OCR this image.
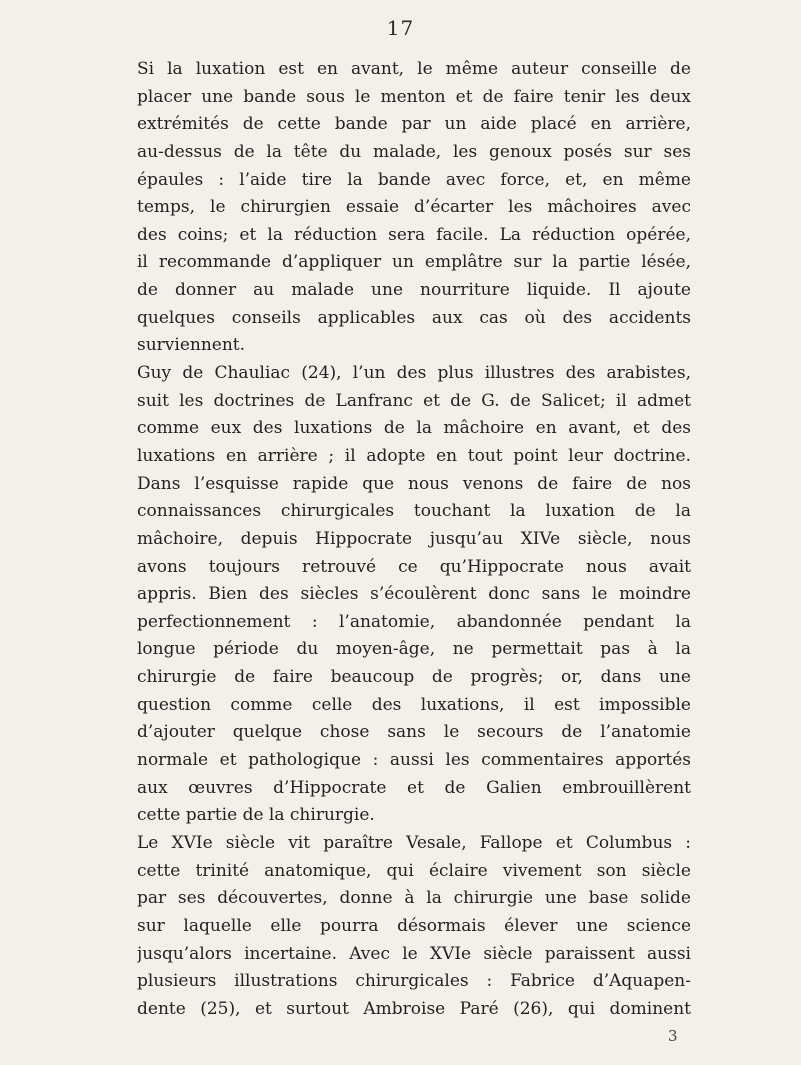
17
Si la luxation est en avant, le même auteur conseille de
placer une bande sous le menton et de faire tenir les deux
extrémités de cette bande par un aide placé en arrière,
au-dessus de la tête du malade, les genoux posés sur ses
épaules : l’aide tire la bande avec force, et, en même
temps, le chirurgien essaie d’écarter les mâchoires avec
des coins; et la réduction sera facile. La réduction opérée,
il recommande d’appliquer un emplâtre sur la partie lésée,
de donner au malade une nourriture liquide. Il ajoute
quelques conseils applicables aux cas où des accidents
surviennent.
Guy de Chauliac (24), l’un des plus illustres des arabistes,
suit les doctrines de Lanfranc et de G. de Salicet; il admet
comme eux des luxations de la mâchoire en avant, et des
luxations en arrière ; il adopte en tout point leur doctrine.
Dans l’esquisse rapide que nous venons de faire de nos
connaissances chirurgicales touchant la luxation de la
mâchoire, depuis Hippocrate jusqu’au XIVe siècle, nous
avons toujours retrouvé ce qu’Hippocrate nous avait
appris. Bien des siècles s’écoulèrent donc sans le moindre
perfectionnement : l’anatomie, abandonnée pendant la
longue période du moyen-âge, ne permettait pas à la
chirurgie de faire beaucoup de progrès; or, dans une
question comme celle des luxations, il est impossible
d’ajouter quelque chose sans le secours de l’anatomie
normale et pathologique : aussi les commentaires apportés
aux œuvres d’Hippocrate et de Galien embrouillèrent
cette partie de la chirurgie.
Le XVIe siècle vit paraître Vesale, Fallope et Columbus :
cette trinité anatomique, qui éclaire vivement son siècle
par ses découvertes, donne à la chirurgie une base solide
sur laquelle elle pourra désormais élever une science
jusqu’alors incertaine. Avec le XVIe siècle paraissent aussi
plusieurs illustrations chirurgicales : Fabrice d’Aquapen-
dente (25), et surtout Ambroise Paré (26), qui dominent
3
